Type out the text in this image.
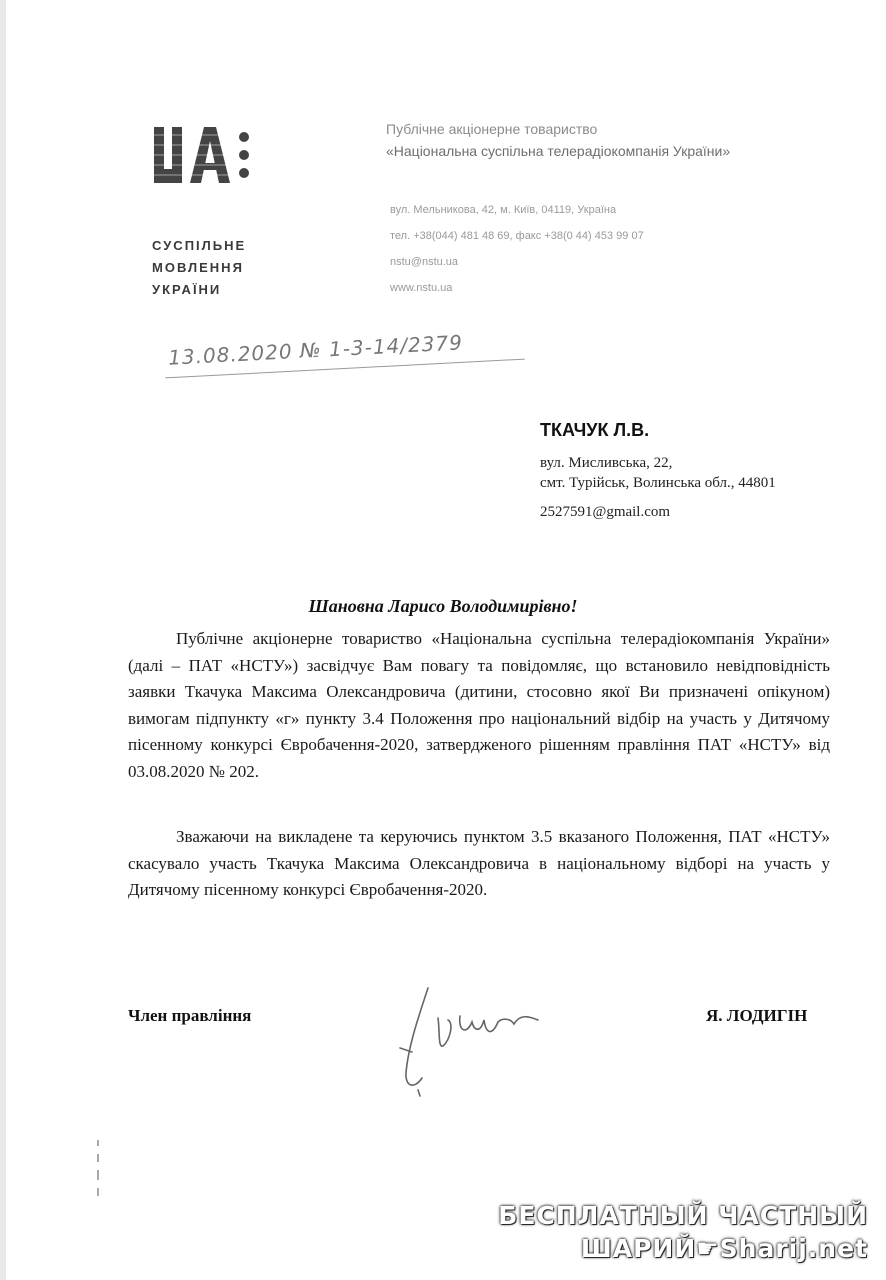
СУСПІЛЬНЕ
МОВЛЕННЯ
УКРАЇНИ
Публічне акціонерне товариство
«Національна суспільна телерадіокомпанія України»
вул. Мельникова, 42, м. Київ, 04119, Україна
тел. +38(044) 481 48 69, факс +38(0 44) 453 99 07
nstu@nstu.ua
www.nstu.ua
13.08.2020 № 1-3-14/2379
ТКАЧУК Л.В.
вул. Мисливська, 22,
смт. Турійськ, Волинська обл., 44801
2527591@gmail.com
Шановна Ларисо Володимирівно!

Публічне акціонерне товариство «Національна суспільна телерадіокомпанія України» (далі – ПАТ «НСТУ») засвідчує Вам повагу та повідомляє, що встановило невідповідність заявки Ткачука Максима Олександровича (дитини, стосовно якої Ви призначені опікуном) вимогам підпункту «г» пункту 3.4 Положення про національний відбір на участь у Дитячому пісенному конкурсі Євробачення-2020, затвердженого рішенням правління ПАТ «НСТУ» від 03.08.2020 № 202.

Зважаючи на викладене та керуючись пунктом 3.5 вказаного Положення, ПАТ «НСТУ» скасувало участь Ткачука Максима Олександровича в національному відборі на участь у Дитячому пісенному конкурсі Євробачення-2020.

Член правління	Я. ЛОДИГІН
БЕСПЛАТНЫЙ ЧАСТНЫЙ
ШАРИЙ☛Sharij.net
